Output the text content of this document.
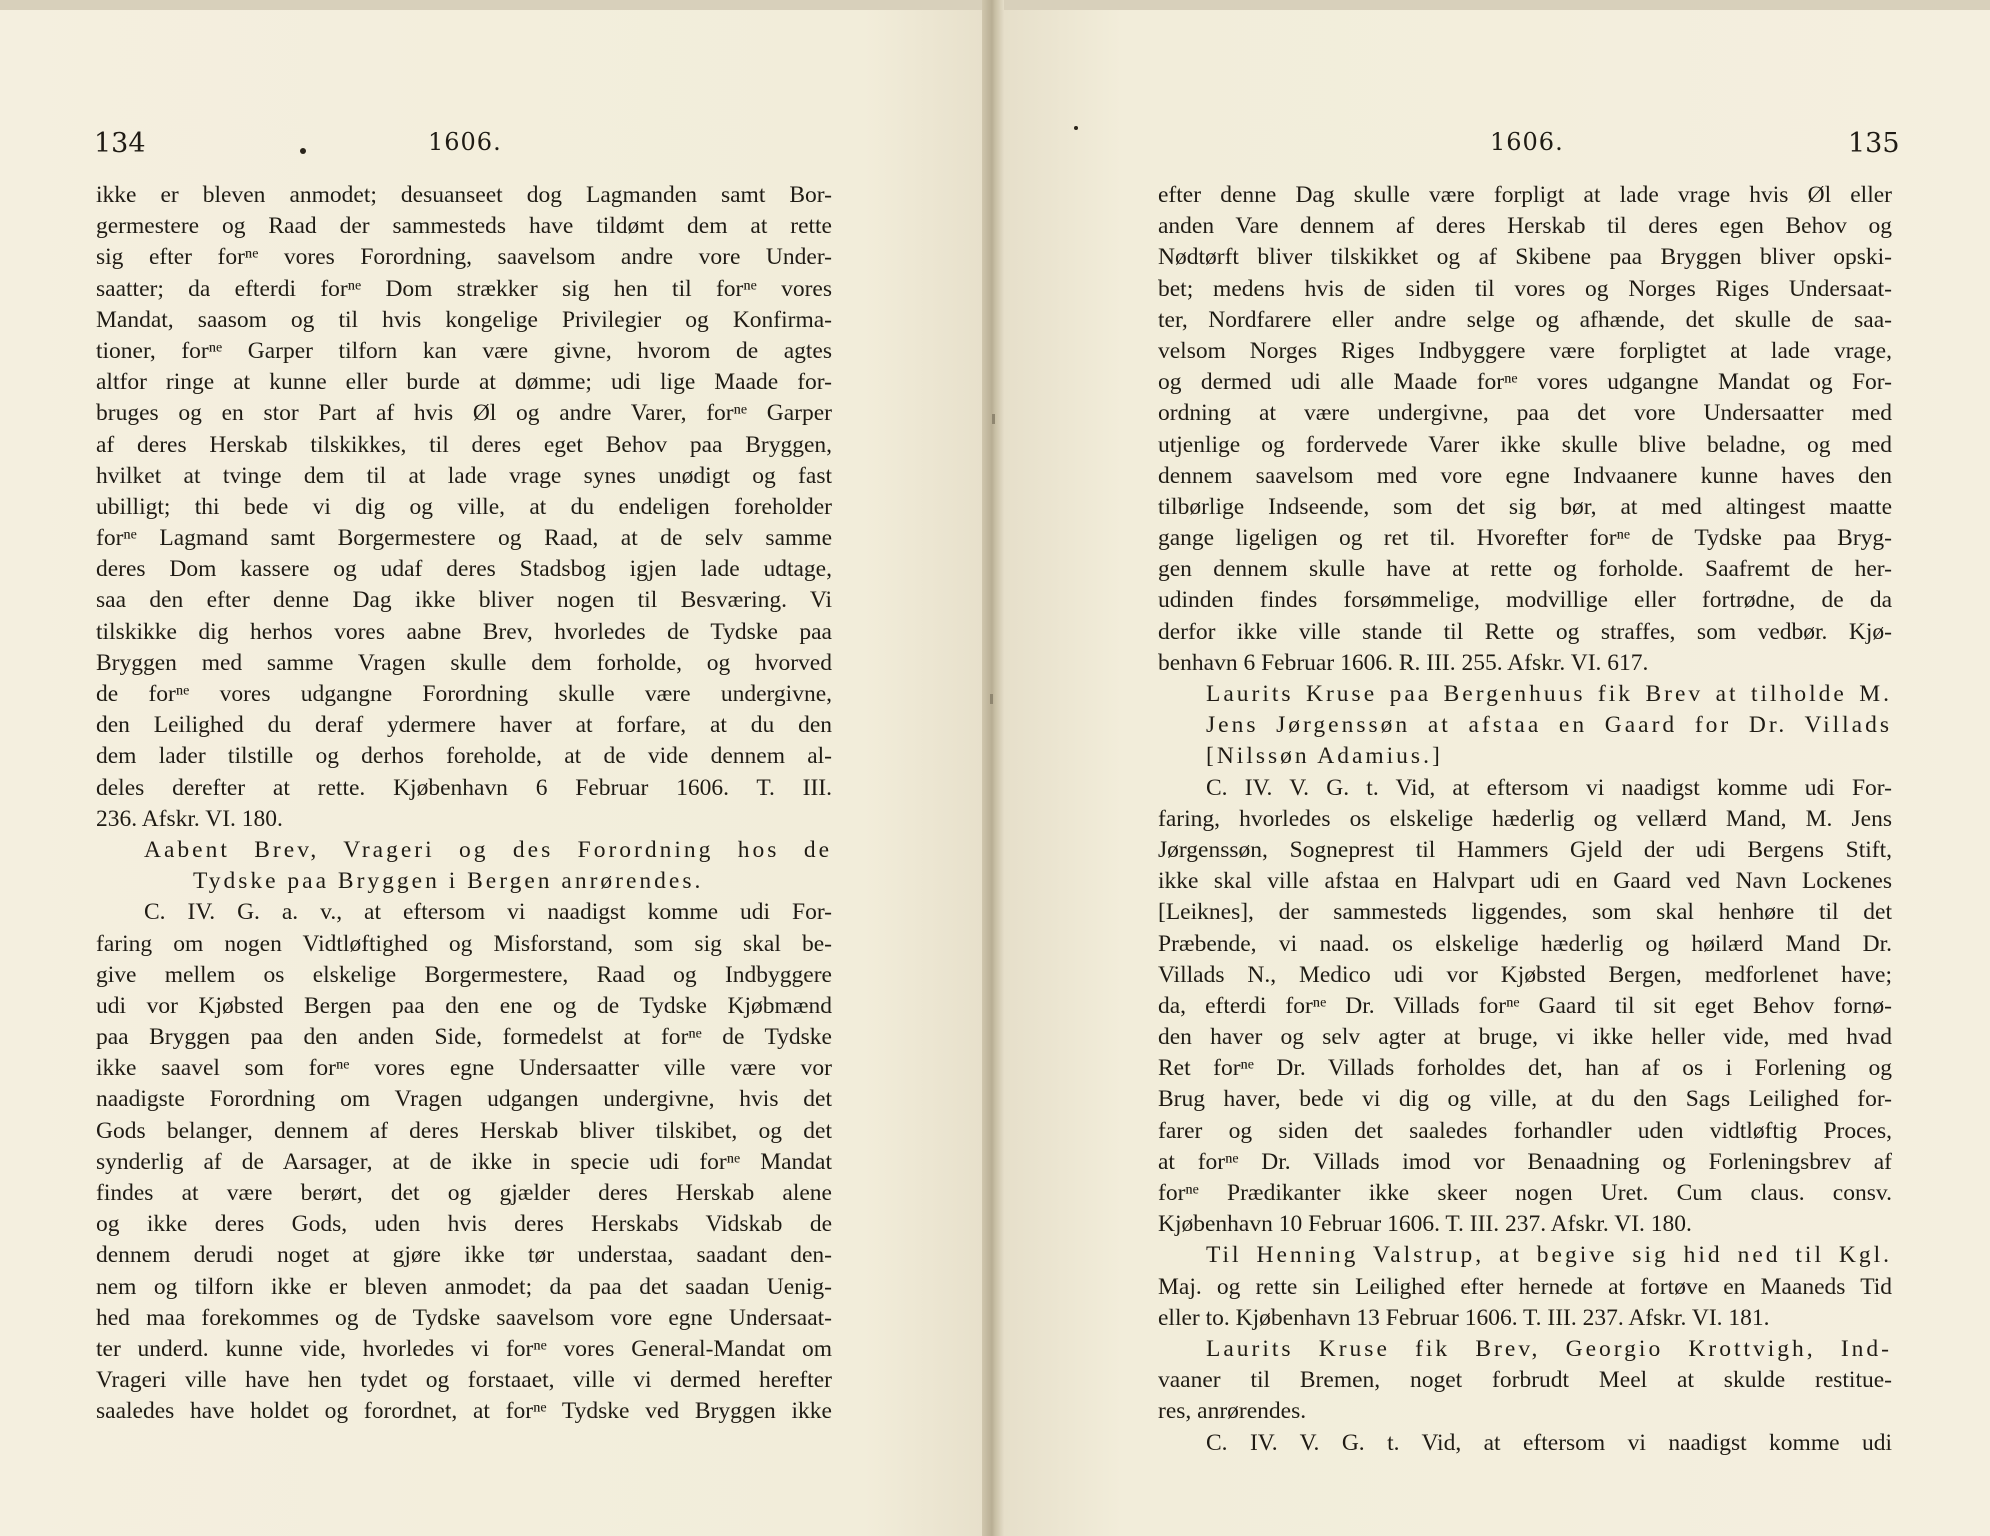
134	1606.	1606.	135
ikke er bleven anmodet; desuanseet dog Lagmanden samt Bor-
germestere og Raad der sammesteds have tildømt dem at rette
sig efter forⁿᵉ vores Forordning, saavelsom andre vore Under-
saatter; da efterdi forⁿᵉ Dom strækker sig hen til forⁿᵉ vores
Mandat, saasom og til hvis kongelige Privilegier og Konfirma-
tioner, forⁿᵉ Garper tilforn kan være givne, hvorom de agtes
altfor ringe at kunne eller burde at dømme; udi lige Maade for-
bruges og en stor Part af hvis Øl og andre Varer, forⁿᵉ Garper
af deres Herskab tilskikkes, til deres eget Behov paa Bryggen,
hvilket at tvinge dem til at lade vrage synes unødigt og fast
ubilligt; thi bede vi dig og ville, at du endeligen foreholder
forⁿᵉ Lagmand samt Borgermestere og Raad, at de selv samme
deres Dom kassere og udaf deres Stadsbog igjen lade udtage,
saa den efter denne Dag ikke bliver nogen til Besværing. Vi
tilskikke dig herhos vores aabne Brev, hvorledes de Tydske paa
Bryggen med samme Vragen skulle dem forholde, og hvorved
de forⁿᵉ vores udgangne Forordning skulle være undergivne,
den Leilighed du deraf ydermere haver at forfare, at du den
dem lader tilstille og derhos foreholde, at de vide dennem al-
deles derefter at rette. Kjøbenhavn 6 Februar 1606. T. III.
236. Afskr. VI. 180.
Aabent Brev, Vrageri og des Forordning hos de
Tydske paa Bryggen i Bergen anrørendes.
C. IV. G. a. v., at eftersom vi naadigst komme udi For-
faring om nogen Vidtløftighed og Misforstand, som sig skal be-
give mellem os elskelige Borgermestere, Raad og Indbyggere
udi vor Kjøbsted Bergen paa den ene og de Tydske Kjøbmænd
paa Bryggen paa den anden Side, formedelst at forⁿᵉ de Tydske
ikke saavel som forⁿᵉ vores egne Undersaatter ville være vor
naadigste Forordning om Vragen udgangen undergivne, hvis det
Gods belanger, dennem af deres Herskab bliver tilskibet, og det
synderlig af de Aarsager, at de ikke in specie udi forⁿᵉ Mandat
findes at være berørt, det og gjælder deres Herskab alene
og ikke deres Gods, uden hvis deres Herskabs Vidskab de
dennem derudi noget at gjøre ikke tør understaa, saadant den-
nem og tilforn ikke er bleven anmodet; da paa det saadan Uenig-
hed maa forekommes og de Tydske saavelsom vore egne Undersaat-
ter underd. kunne vide, hvorledes vi forⁿᵉ vores General-Mandat om
Vrageri ville have hen tydet og forstaaet, ville vi dermed herefter
saaledes have holdet og forordnet, at forⁿᵉ Tydske ved Bryggen ikke
efter denne Dag skulle være forpligt at lade vrage hvis Øl eller
anden Vare dennem af deres Herskab til deres egen Behov og
Nødtørft bliver tilskikket og af Skibene paa Bryggen bliver opski-
bet; medens hvis de siden til vores og Norges Riges Undersaat-
ter, Nordfarere eller andre selge og afhænde, det skulle de saa-
velsom Norges Riges Indbyggere være forpligtet at lade vrage,
og dermed udi alle Maade forⁿᵉ vores udgangne Mandat og For-
ordning at være undergivne, paa det vore Undersaatter med
utjenlige og fordervede Varer ikke skulle blive beladne, og med
dennem saavelsom med vore egne Indvaanere kunne haves den
tilbørlige Indseende, som det sig bør, at med altingest maatte
gange ligeligen og ret til. Hvorefter forⁿᵉ de Tydske paa Bryg-
gen dennem skulle have at rette og forholde. Saafremt de her-
udinden findes forsømmelige, modvillige eller fortrødne, de da
derfor ikke ville stande til Rette og straffes, som vedbør. Kjø-
benhavn 6 Februar 1606. R. III. 255. Afskr. VI. 617.
Laurits Kruse paa Bergenhuus fik Brev at tilholde M.
Jens Jørgenssøn at afstaa en Gaard for Dr. Villads
[Nilssøn Adamius.]
C. IV. V. G. t. Vid, at eftersom vi naadigst komme udi For-
faring, hvorledes os elskelige hæderlig og vellærd Mand, M. Jens
Jørgenssøn, Sogneprest til Hammers Gjeld der udi Bergens Stift,
ikke skal ville afstaa en Halvpart udi en Gaard ved Navn Lockenes
[Leiknes], der sammesteds liggendes, som skal henhøre til det
Præbende, vi naad. os elskelige hæderlig og høilærd Mand Dr.
Villads N., Medico udi vor Kjøbsted Bergen, medforlenet have;
da, efterdi forⁿᵉ Dr. Villads forⁿᵉ Gaard til sit eget Behov fornø-
den haver og selv agter at bruge, vi ikke heller vide, med hvad
Ret forⁿᵉ Dr. Villads forholdes det, han af os i Forlening og
Brug haver, bede vi dig og ville, at du den Sags Leilighed for-
farer og siden det saaledes forhandler uden vidtløftig Proces,
at forⁿᵉ Dr. Villads imod vor Benaadning og Forleningsbrev af
forⁿᵉ Prædikanter ikke skeer nogen Uret. Cum claus. consv.
Kjøbenhavn 10 Februar 1606. T. III. 237. Afskr. VI. 180.
Til Henning Valstrup, at begive sig hid ned til Kgl.
Maj. og rette sin Leilighed efter hernede at fortøve en Maaneds Tid
eller to. Kjøbenhavn 13 Februar 1606. T. III. 237. Afskr. VI. 181.
Laurits Kruse fik Brev, Georgio Krottvigh, Ind-
vaaner til Bremen, noget forbrudt Meel at skulde restitue-
res, anrørendes.
C. IV. V. G. t. Vid, at eftersom vi naadigst komme udi
